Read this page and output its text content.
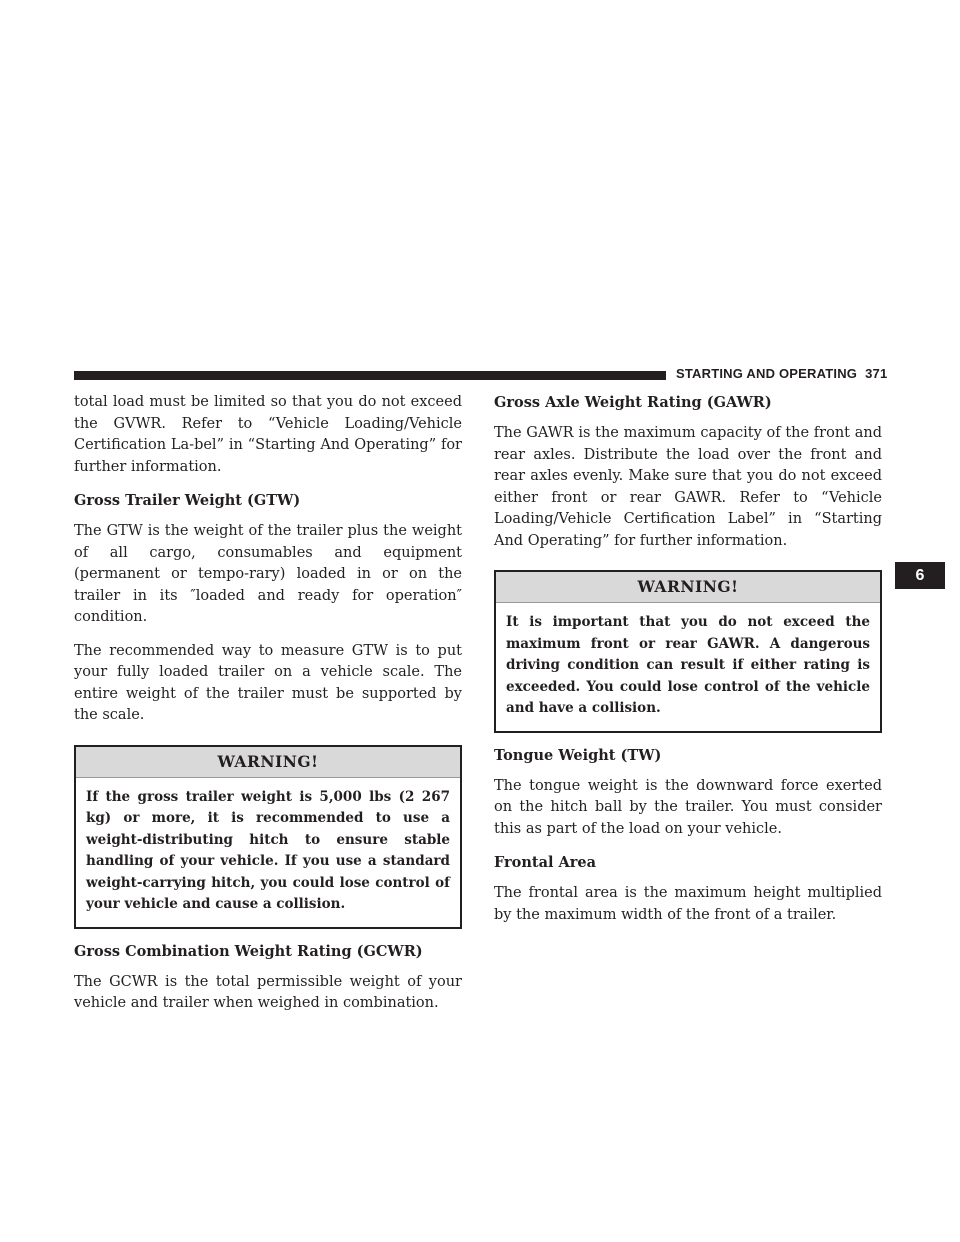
STARTING AND OPERATING 371

total load must be limited so that you do not exceed the GVWR. Refer to “Vehicle Loading/Vehicle Certification La-bel” in “Starting And Operating” for further information.

Gross Trailer Weight (GTW)

The GTW is the weight of the trailer plus the weight of all cargo, consumables and equipment (permanent or tempo-rary) loaded in or on the trailer in its ″loaded and ready for operation″ condition.

The recommended way to measure GTW is to put your fully loaded trailer on a vehicle scale. The entire weight of the trailer must be supported by the scale.

WARNING!
If the gross trailer weight is 5,000 lbs (2 267 kg) or more, it is recommended to use a weight-distributing hitch to ensure stable handling of your vehicle. If you use a standard weight-carrying hitch, you could lose control of your vehicle and cause a collision.
Gross Combination Weight Rating (GCWR)

The GCWR is the total permissible weight of your vehicle and trailer when weighed in combination.

Gross Axle Weight Rating (GAWR)

The GAWR is the maximum capacity of the front and rear axles. Distribute the load over the front and rear axles evenly. Make sure that you do not exceed either front or rear GAWR. Refer to “Vehicle Loading/Vehicle Certification Label” in “Starting And Operating” for further information.

WARNING!
It is important that you do not exceed the maximum front or rear GAWR. A dangerous driving condition can result if either rating is exceeded. You could lose control of the vehicle and have a collision.
Tongue Weight (TW)

The tongue weight is the downward force exerted on the hitch ball by the trailer. You must consider this as part of the load on your vehicle.

Frontal Area

The frontal area is the maximum height multiplied by the maximum width of the front of a trailer.

6
